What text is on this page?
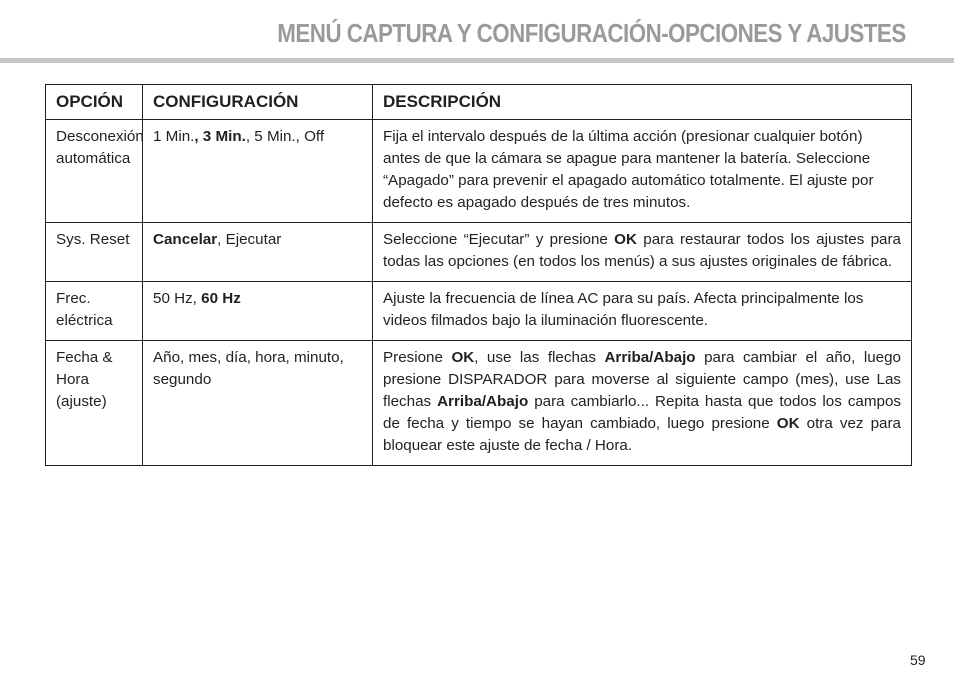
MENÚ CAPTURA Y CONFIGURACIÓN-OPCIONES Y AJUSTES
OPCIÓN	CONFIGURACIÓN	DESCRIPCIÓN
Desconexión automática	1 Min., 3 Min., 5 Min., Off	Fija el intervalo después de la última acción (presionar cualquier botón) antes de que la cámara se apague para mantener la batería. Seleccione “Apagado” para prevenir el apagado automático totalmente. El ajuste por defecto es apagado después de tres minutos.
Sys. Reset	Cancelar, Ejecutar	Seleccione “Ejecutar” y presione OK para restaurar todos los ajustes para todas las opciones (en todos los menús) a sus ajustes originales de fábrica.
Frec. eléctrica	50 Hz, 60 Hz	Ajuste la frecuencia de línea AC para su país. Afecta principalmente los videos filmados bajo la iluminación fluorescente.
Fecha & Hora (ajuste)	Año, mes, día, hora, minuto, segundo	Presione OK, use las flechas Arriba/Abajo para cambiar el año, luego presione DISPARADOR para moverse al siguiente campo (mes), use Las flechas Arriba/Abajo para cambiarlo... Repita hasta que todos los campos de fecha y tiempo se hayan cambiado, luego presione OK otra vez para bloquear este ajuste de fecha / Hora.
59
